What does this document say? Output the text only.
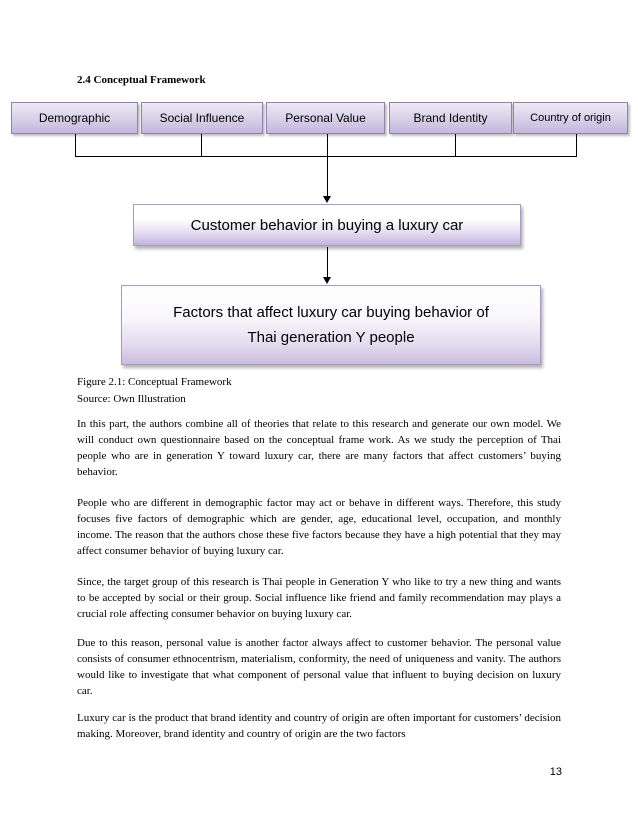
2.4 Conceptual Framework
Demographic	Social Influence	Personal Value	Brand Identity	Country of origin
Customer behavior in buying a luxury car
Factors that affect luxury car buying behavior of
Thai generation Y people
Figure 2.1: Conceptual Framework
Source: Own Illustration

In this part, the authors combine all of theories that relate to this research and generate our own model. We will conduct own questionnaire based on the conceptual frame work. As we study the perception of Thai people who are in generation Y toward luxury car, there are many factors that affect customers’ buying behavior.

People who are different in demographic factor may act or behave in different ways. Therefore, this study focuses five factors of demographic which are gender, age, educational level, occupation, and monthly income. The reason that the authors chose these five factors because they have a high potential that they may affect consumer behavior of buying luxury car.

Since, the target group of this research is Thai people in Generation Y who like to try a new thing and wants to be accepted by social or their group. Social influence like friend and family recommendation may plays a crucial role affecting consumer behavior on buying luxury car.

Due to this reason, personal value is another factor always affect to customer behavior. The personal value consists of consumer ethnocentrism, materialism, conformity, the need of uniqueness and vanity. The authors would like to investigate that what component of personal value that influent to buying decision on luxury car.

Luxury car is the product that brand identity and country of origin are often important for customers’ decision making. Moreover, brand identity and country of origin are the two factors

13
